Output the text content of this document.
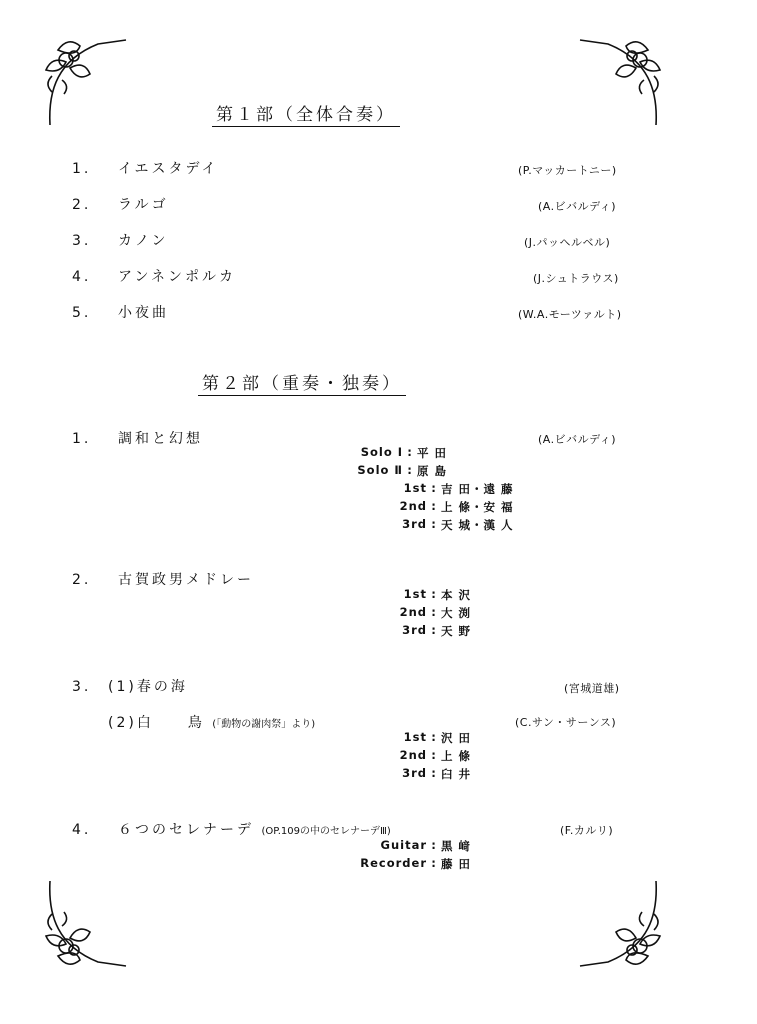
第１部（全体合奏）
1. イエスタデイ	(P.マッカートニー)
2. ラルゴ	(A.ビバルディ)
3. カノン	(J.パッヘルベル)
4. アンネンポルカ	(J.シュトラウス)
5. 小夜曲	(W.A.モーツァルト)
第２部（重奏・独奏）
1. 調和と幻想	(A.ビバルディ)
Solo Ⅰ : 平 田
Solo Ⅱ : 原 島
1st : 吉 田・遠 藤
2nd : 上 條・安 福
3rd : 天 城・漢 人
2. 古賀政男メドレー
1st : 本 沢
2nd : 大 渕
3rd : 天 野
3. (1)春の海	(宮城道雄)
(2)白　　鳥 (「動物の謝肉祭」より)	(C.サン・サーンス)
1st : 沢 田
2nd : 上 條
3rd : 臼 井
4. ６つのセレナーデ (OP.109の中のセレナーデⅢ)	(F.カルリ)
Guitar : 黒 﨑
Recorder : 藤 田
